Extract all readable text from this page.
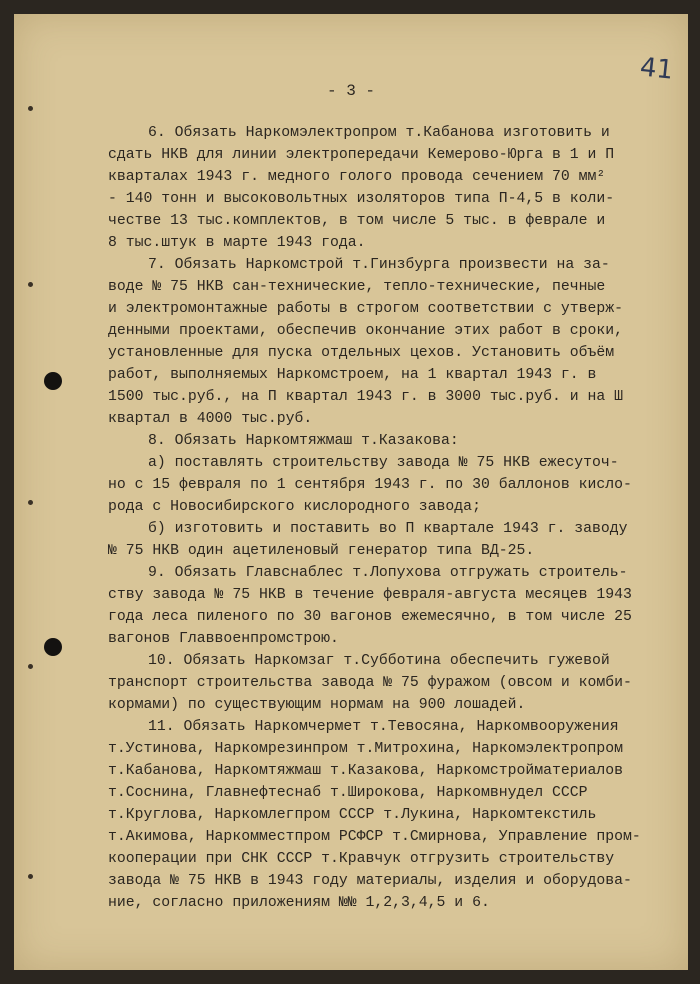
41
- 3 -
6. Обязать Наркомэлектропром т.Кабанова изготовить и
сдать НКВ для линии электропередачи Кемерово-Юрга в 1 и П
кварталах 1943 г. медного голого провода сечением 70 мм²
- 140 тонн и высоковольтных изоляторов типа П-4,5 в коли-
честве 13 тыс.комплектов, в том числе 5 тыс. в феврале и
8 тыс.штук в марте 1943 года.
7. Обязать Наркомстрой т.Гинзбурга произвести на за-
воде № 75 НКВ сан-технические, тепло-технические, печные
и электромонтажные работы в строгом соответствии с утверж-
денными проектами, обеспечив окончание этих работ в сроки,
установленные для пуска отдельных цехов. Установить объём
работ, выполняемых Наркомстроем, на 1 квартал 1943 г. в
1500 тыс.руб., на П квартал 1943 г. в 3000 тыс.руб. и на Ш
квартал в 4000 тыс.руб.
8. Обязать Наркомтяжмаш т.Казакова:
а) поставлять строительству завода № 75 НКВ ежесуточ-
но с 15 февраля по 1 сентября 1943 г. по 30 баллонов кисло-
рода с Новосибирского кислородного завода;
б) изготовить и поставить во П квартале 1943 г. заводу
№ 75 НКВ один ацетиленовый генератор типа ВД-25.
9. Обязать Главснаблес т.Лопухова отгружать строитель-
ству завода № 75 НКВ в течение февраля-августа месяцев 1943
года леса пиленого по 30 вагонов ежемесячно, в том числе 25
вагонов Главвоенпромстрою.
10. Обязать Наркомзаг т.Субботина обеспечить гужевой
транспорт строительства завода № 75 фуражом (овсом и комби-
кормами) по существующим нормам на 900 лошадей.
11. Обязать Наркомчермет т.Тевосяна, Наркомвооружения
т.Устинова, Наркомрезинпром т.Митрохина, Наркомэлектропром
т.Кабанова, Наркомтяжмаш т.Казакова, Наркомстройматериалов
т.Соснина, Главнефтеснаб т.Широкова, Наркомвнудел СССР
т.Круглова, Наркомлегпром СССР т.Лукина, Наркомтекстиль
т.Акимова, Наркомместпром РСФСР т.Смирнова, Управление пром-
кооперации при СНК СССР т.Кравчук отгрузить строительству
завода № 75 НКВ в 1943 году материалы, изделия и оборудова-
ние, согласно приложениям №№ 1,2,3,4,5 и 6.
